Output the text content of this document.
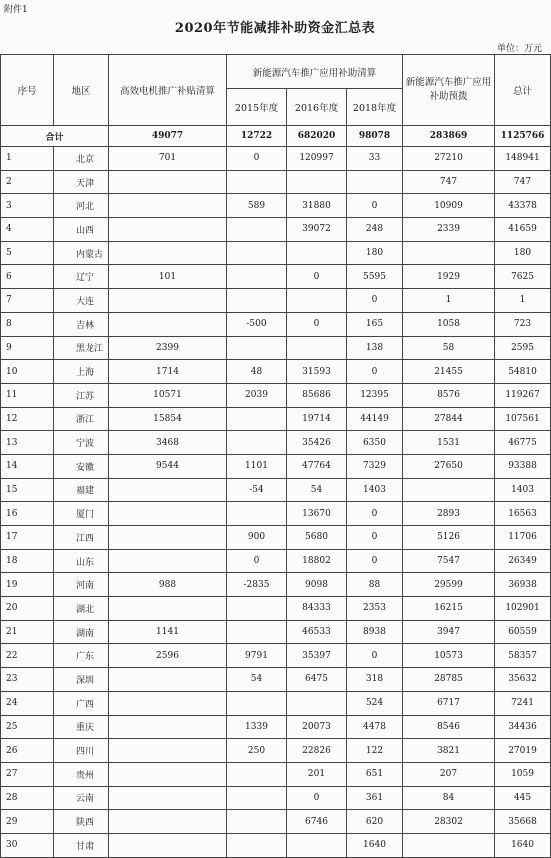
附件1
2020年节能减排补助资金汇总表
单位：万元
序号	地区	高效电机推广补贴清算	新能源汽车推广应用补助清算			新能源汽车推广应用补助预拨	总计
			2015年度	2016年度	2018年度		
合计		49077	12722	682020	98078	283869	1125766
1	北京	701	0	120997	33	27210	148941
2	天津					747	747
3	河北		589	31880	0	10909	43378
4	山西			39072	248	2339	41659
5	内蒙古				180		180
6	辽宁	101		0	5595	1929	7625
7	大连				0	1	1
8	吉林		-500	0	165	1058	723
9	黑龙江	2399			138	58	2595
10	上海	1714	48	31593	0	21455	54810
11	江苏	10571	2039	85686	12395	8576	119267
12	浙江	15854		19714	44149	27844	107561
13	宁波	3468		35426	6350	1531	46775
14	安徽	9544	1101	47764	7329	27650	93388
15	福建		-54	54	1403		1403
16	厦门			13670	0	2893	16563
17	江西		900	5680	0	5126	11706
18	山东		0	18802	0	7547	26349
19	河南	988	-2835	9098	88	29599	36938
20	湖北			84333	2353	16215	102901
21	湖南	1141		46533	8938	3947	60559
22	广东	2596	9791	35397	0	10573	58357
23	深圳		54	6475	318	28785	35632
24	广西				524	6717	7241
25	重庆		1339	20073	4478	8546	34436
26	四川		250	22826	122	3821	27019
27	贵州			201	651	207	1059
28	云南			0	361	84	445
29	陕西			6746	620	28302	35668
30	甘肃				1640		1640
